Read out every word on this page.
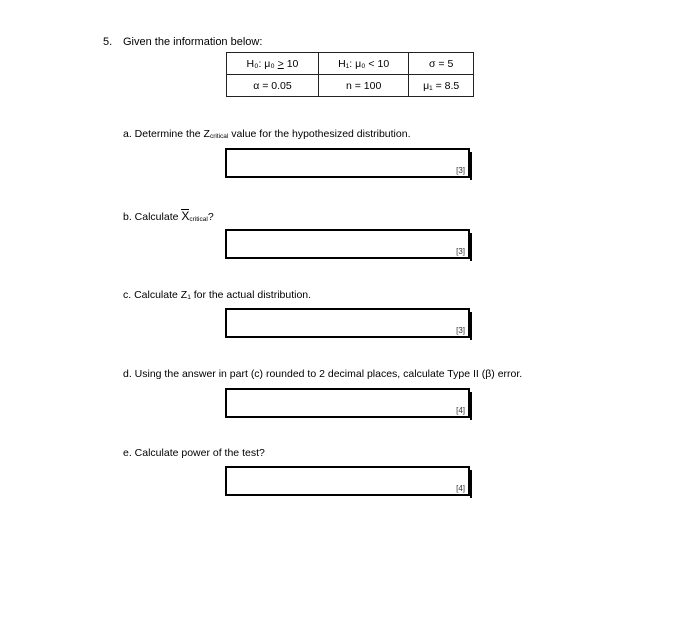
5. Given the information below:
H₀: μ₀ > 10	H₁: μ₀ < 10	σ = 5
α = 0.05	n = 100	μ₁ = 8.5
a. Determine the Zcritical value for the hypothesized distribution.
[3]
b. Calculate Xcritical?
[3]
c. Calculate Z1 for the actual distribution.
[3]
d. Using the answer in part (c) rounded to 2 decimal places, calculate Type II (β) error.
[4]
e. Calculate power of the test?
[4]
